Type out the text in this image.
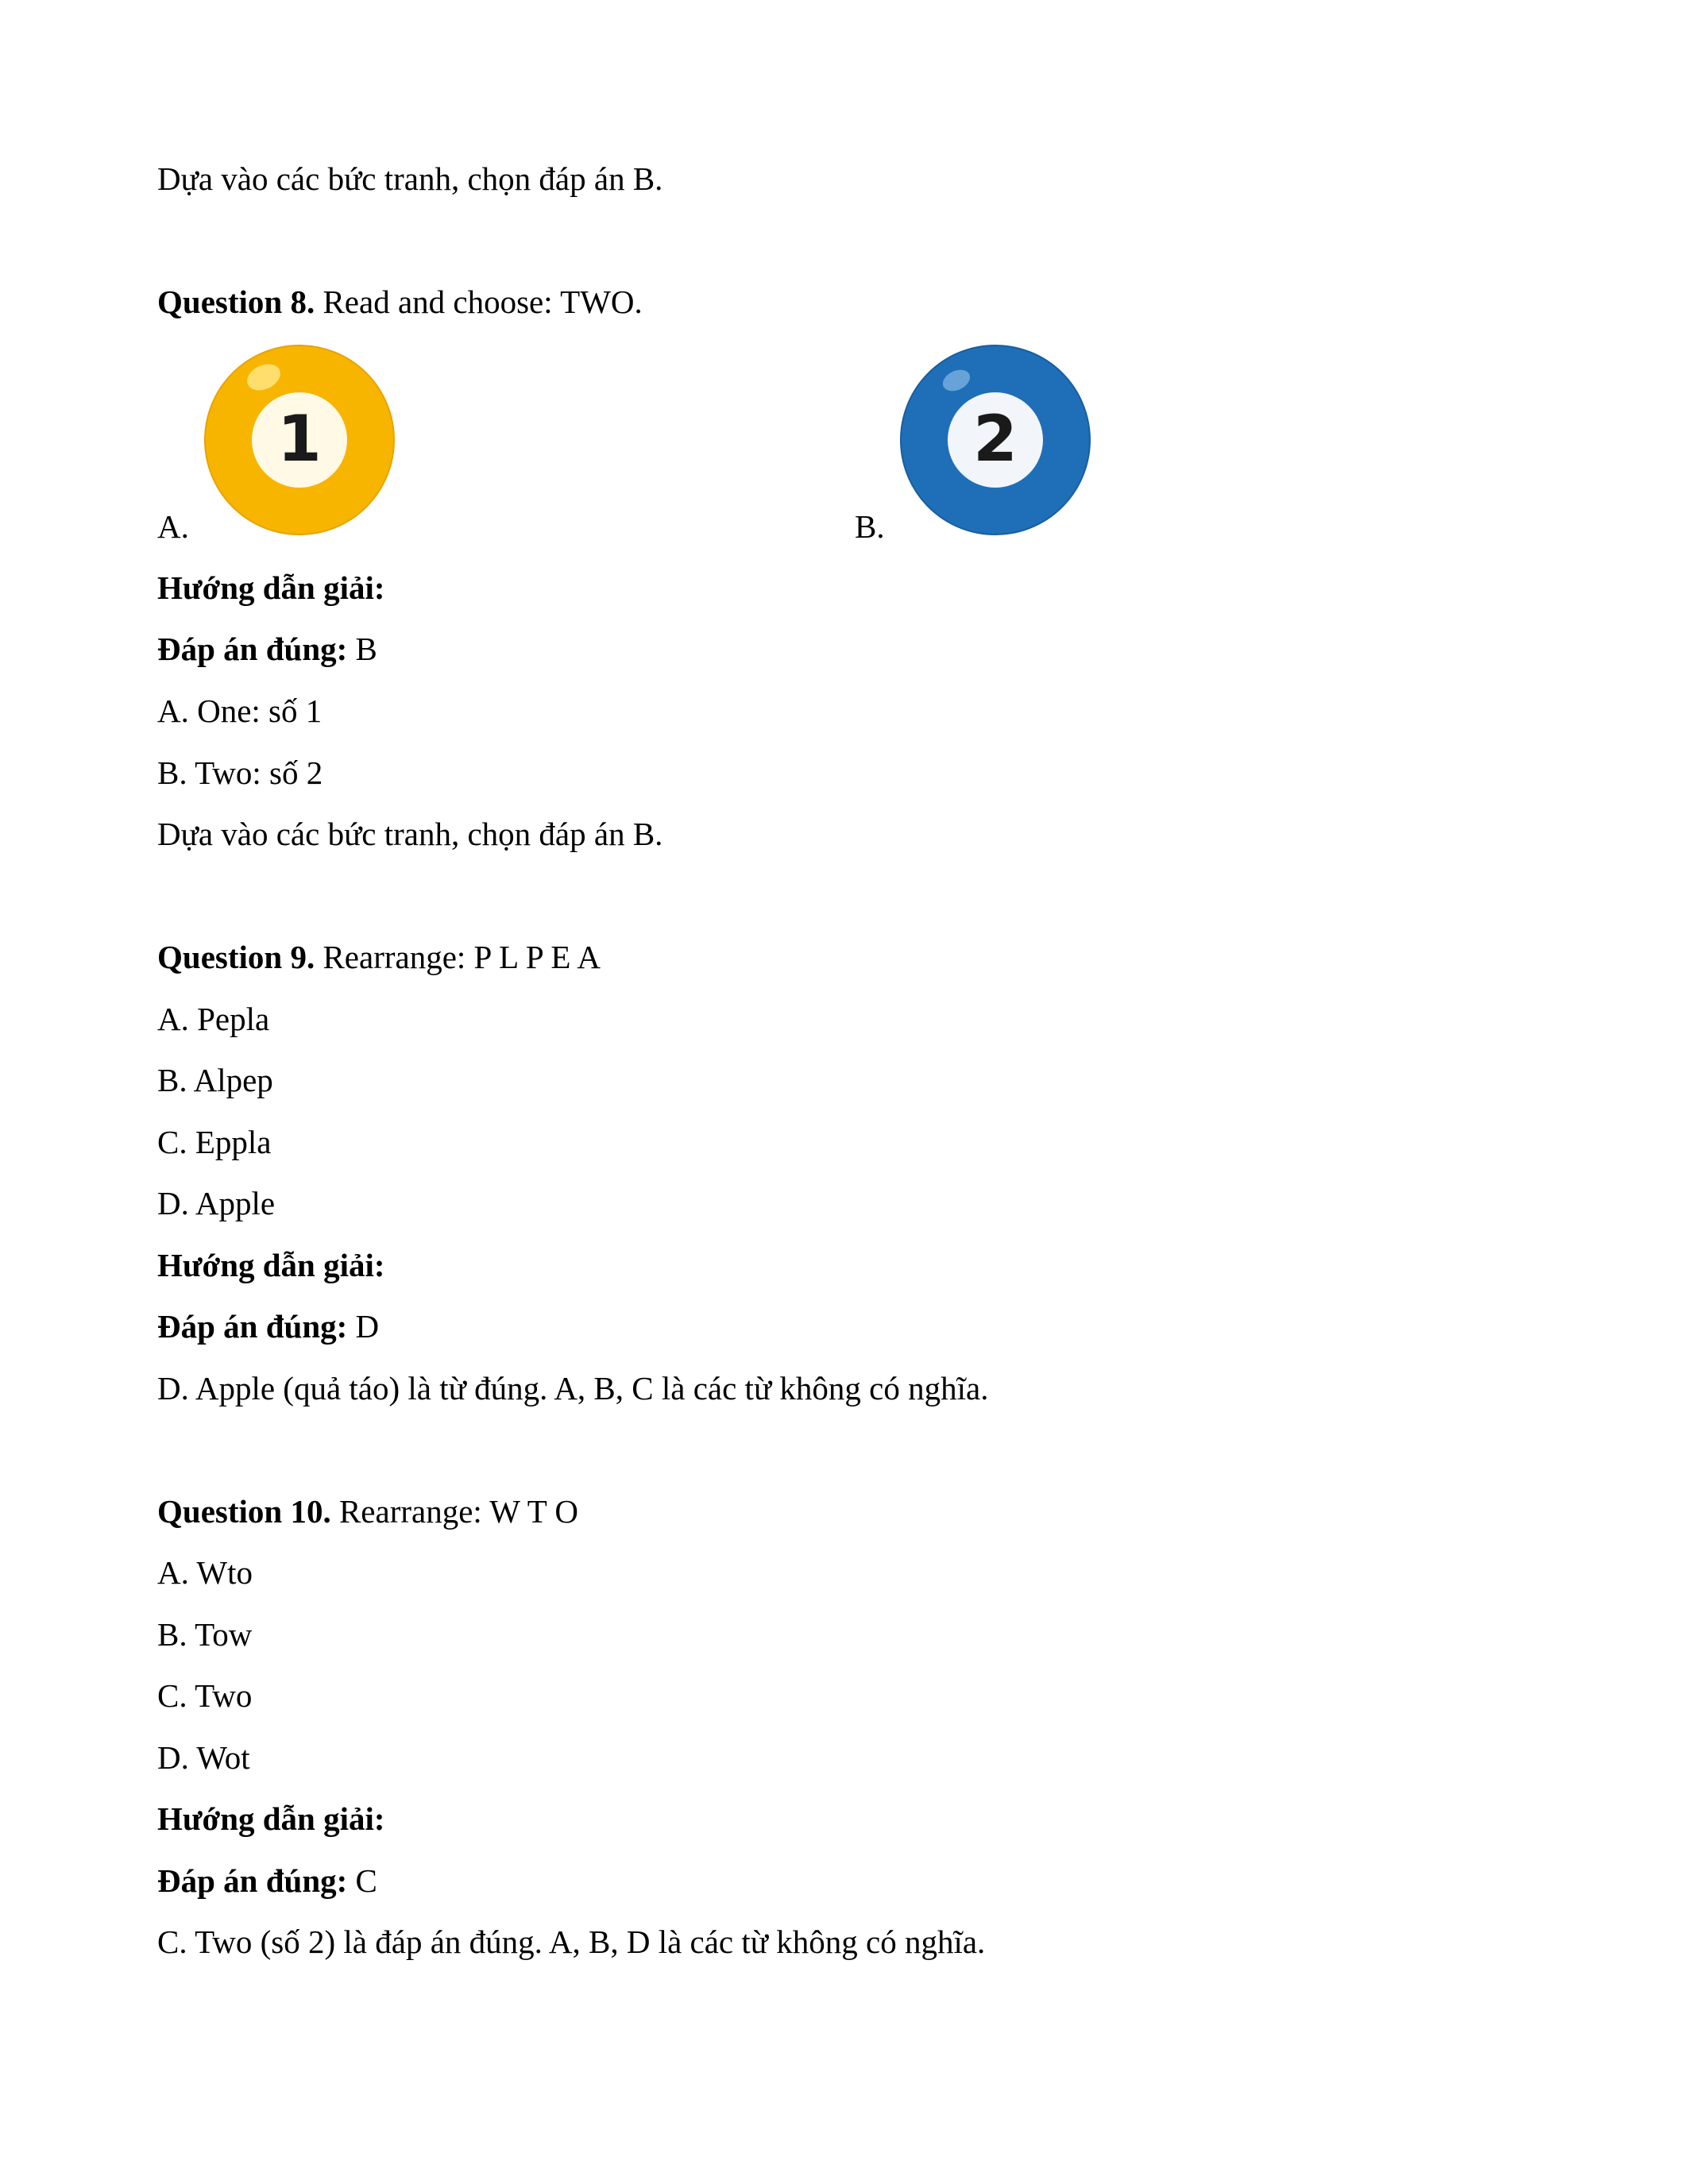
Dựa vào các bức tranh, chọn đáp án B.
Question 8. Read and choose: TWO.
A.
1
B.
2
Hướng dẫn giải:
Đáp án đúng: B
A. One: số 1
B. Two: số 2
Dựa vào các bức tranh, chọn đáp án B.
Question 9. Rearrange: P L P E A
A. Pepla
B. Alpep
C. Eppla
D. Apple
Hướng dẫn giải:
Đáp án đúng: D
D. Apple (quả táo) là từ đúng. A, B, C là các từ không có nghĩa.
Question 10. Rearrange: W T O
A. Wto
B. Tow
C. Two
D. Wot
Hướng dẫn giải:
Đáp án đúng: C
C. Two (số 2) là đáp án đúng. A, B, D là các từ không có nghĩa.
